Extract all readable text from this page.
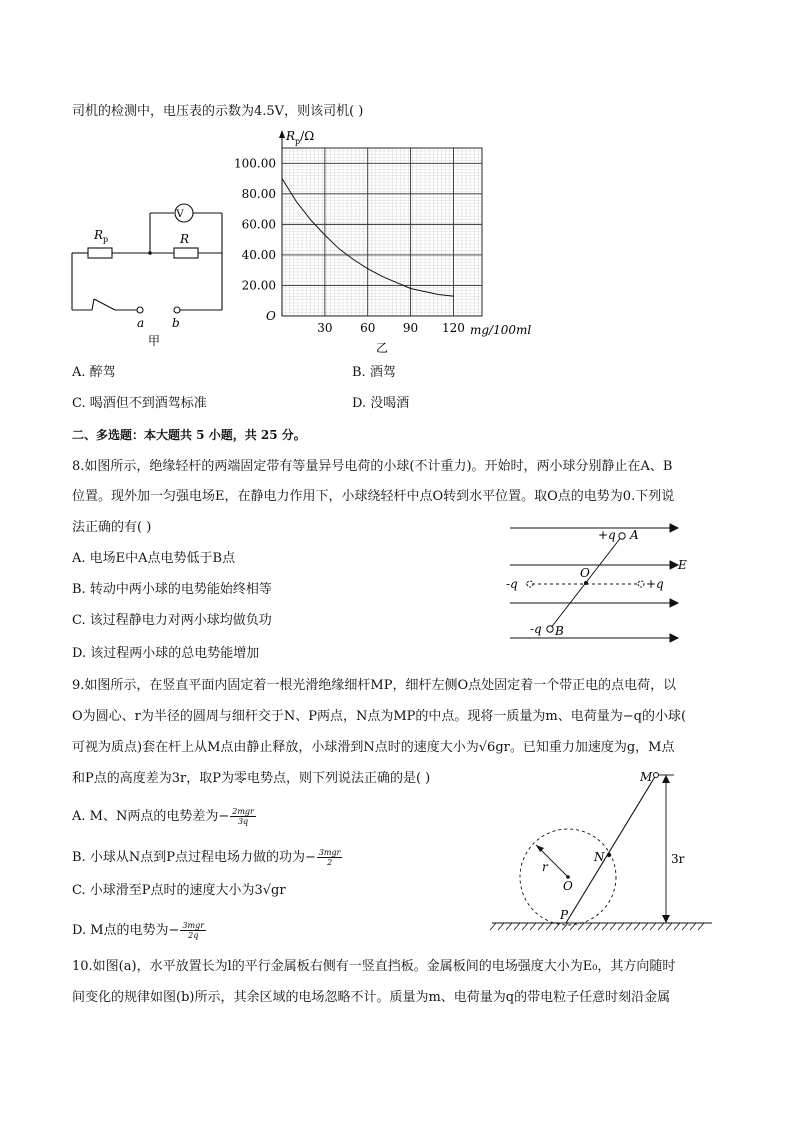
司机的检测中，电压表的示数为4.5V，则该司机( )
V
$R_p$	R
a b
甲
100.00
80.00
60.00
40.00
20.00
30 60 90 120
O
mg/100ml
$R_p/\Omega$
乙
A. 醉驾	B. 酒驾
C. 喝酒但不到酒驾标准	D. 没喝酒
二、多选题：本大题共 5 小题，共 25 分。
8.如图所示，绝缘轻杆的两端固定带有等量异号电荷的小球(不计重力)。开始时，两小球分别静止在A、B
位置。现外加一匀强电场E，在静电力作用下，小球绕轻杆中点O转到水平位置。取O点的电势为0.下列说
法正确的有( )
A. 电场E中A点电势低于B点
B. 转动中两小球的电势能始终相等
C. 该过程静电力对两小球均做负功
D. 该过程两小球的总电势能增加
+q A
E
O
-q	+q
-q B
9.如图所示，在竖直平面内固定着一根光滑绝缘细杆MP，细杆左侧O点处固定着一个带正电的点电荷，以
O为圆心、r为半径的圆周与细杆交于N、P两点，N点为MP的中点。现将一质量为m、电荷量为−q的小球(
可视为质点)套在杆上从M点由静止释放，小球滑到N点时的速度大小为√6gr。已知重力加速度为g，M点
和P点的高度差为3r，取P为零电势点，则下列说法正确的是( )
A. M、N两点的电势差为− $\frac{\text{2mgr}}{3q}$
B. 小球从N点到P点过程电场力做的功为− $\frac{\text{3mgr}}{2}$
C. 小球滑至P点时的速度大小为3√gr
D. M点的电势为− $\frac{\text{3mgr}}{2q}$
M
N
P
O
r
3r
10.如图(a)，水平放置长为l的平行金属板右侧有一竖直挡板。金属板间的电场强度大小为E₀，其方向随时
间变化的规律如图(b)所示，其余区域的电场忽略不计。质量为m、电荷量为q的带电粒子任意时刻沿金属
